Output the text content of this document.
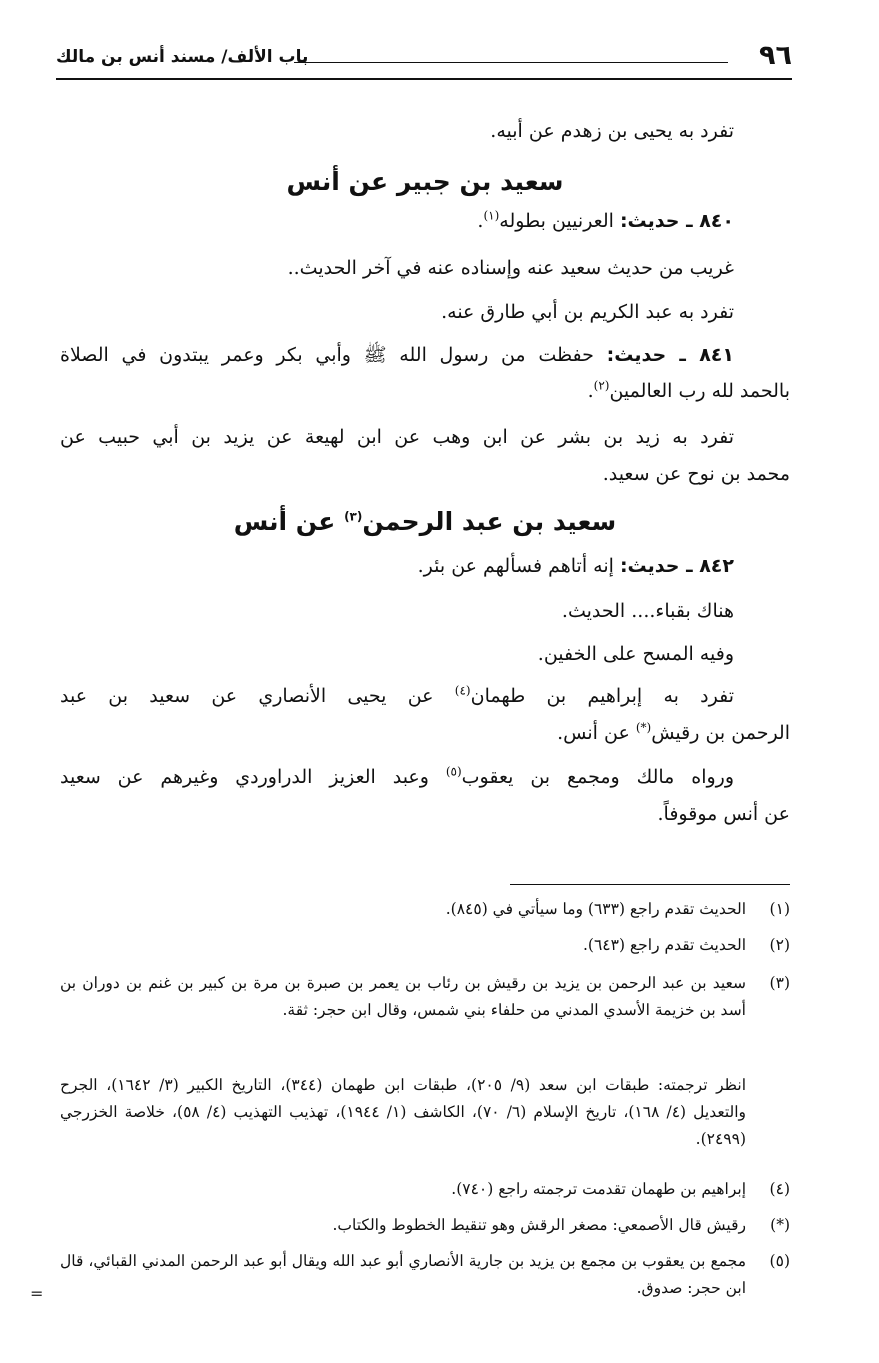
٩٦
باب الألف/ مسند أنس بن مالك
تفرد به يحيى بن زهدم عن أبيه.
سعيد بن جبير عن أنس
٨٤٠ ـ حديث: العرنيين بطوله$^{(١)}$.
غريب من حديث سعيد عنه وإسناده عنه في آخر الحديث..
تفرد به عبد الكريم بن أبي طارق عنه.
٨٤١ ـ حديث: حفظت من رسول الله ﷺ وأبي بكر وعمر يبتدون في الصلاة
بالحمد لله رب العالمين$^{(٢)}$.
تفرد به زيد بن بشر عن ابن وهب عن ابن لهيعة عن يزيد بن أبي حبيب عن
محمد بن نوح عن سعيد.
سعيد بن عبد الرحمن$^{(٣)}$ عن أنس
٨٤٢ ـ حديث: إنه أتاهم فسألهم عن بئر.
هناك بقباء.... الحديث.
وفيه المسح على الخفين.
تفرد به إبراهيم بن طهمان$^{(٤)}$ عن يحيى الأنصاري عن سعيد بن عبد
الرحمن بن رقيش(*) عن أنس.
ورواه مالك ومجمع بن يعقوب$^{(٥)}$ وعبد العزيز الدراوردي وغيرهم عن سعيد
عن أنس موقوفاً.
(١)
الحديث تقدم راجع (٦٣٣) وما سيأتي في (٨٤٥).
(٢)
الحديث تقدم راجع (٦٤٣).
(٣)
سعيد بن عبد الرحمن بن يزيد بن رقيش بن رئاب بن يعمر بن صبرة بن مرة بن كبير بن غنم بن دوران بن أسد بن خزيمة الأسدي المدني من حلفاء بني شمس، وقال ابن حجر: ثقة.
انظر ترجمته: طبقات ابن سعد (٩/ ٢٠٥)، طبقات ابن طهمان (٣٤٤)، التاريخ الكبير (٣/ ١٦٤٢)، الجرح والتعديل (٤/ ١٦٨)، تاريخ الإسلام (٦/ ٧٠)، الكاشف (١/ ١٩٤٤)، تهذيب التهذيب (٤/ ٥٨)، خلاصة الخزرجي (٢٤٩٩).
(٤)
إبراهيم بن طهمان تقدمت ترجمته راجع (٧٤٠).
(*)
رقيش قال الأصمعي: مصغر الرقش وهو تنقيط الخطوط والكتاب.
(٥)
مجمع بن يعقوب بن مجمع بن يزيد بن جارية الأنصاري أبو عبد الله ويقال أبو عبد الرحمن المدني القبائي، قال ابن حجر: صدوق.
=
